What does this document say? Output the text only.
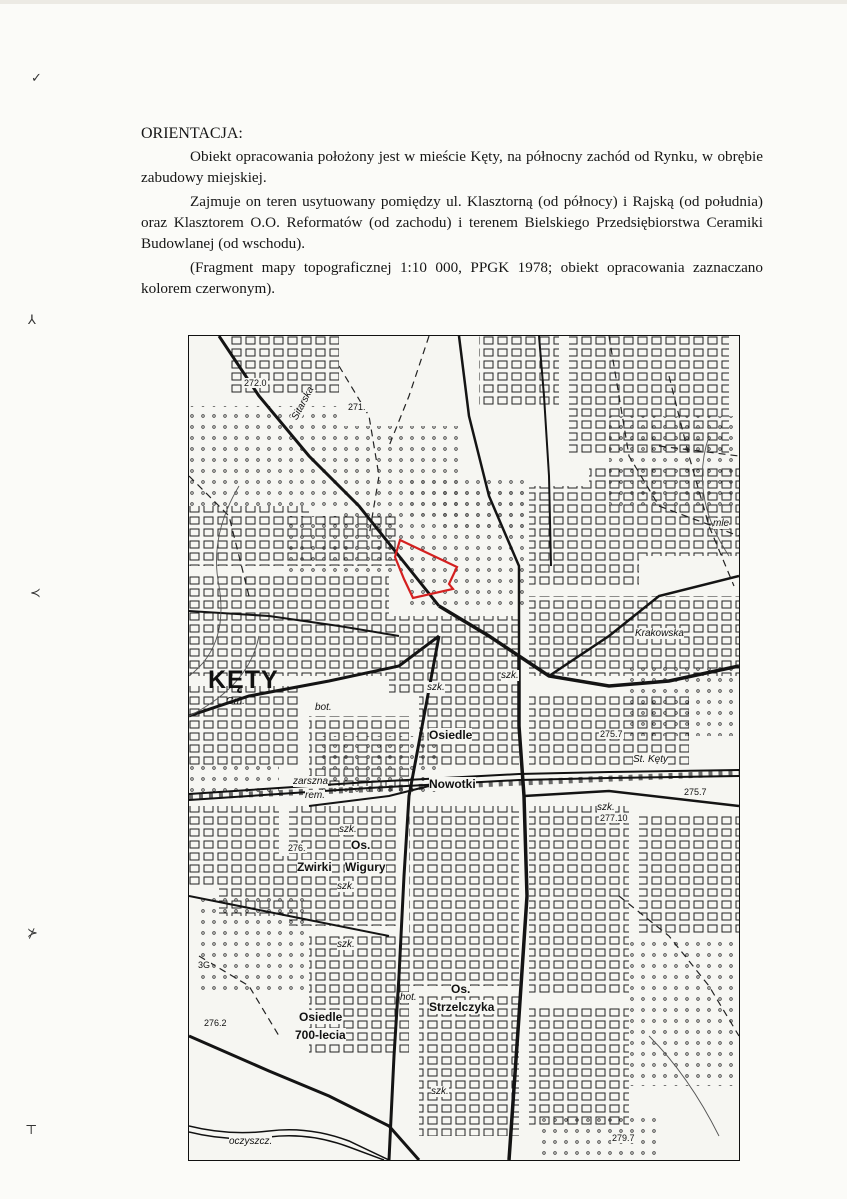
✓
⅄
≺
⊁
⊤
ORIENTACJA:

Obiekt opracowania położony jest w mieście Kęty, na północny zachód od Rynku, w obrębie zabudowy miejskiej.

Zajmuje on teren usytuowany pomiędzy ul. Klasztorną (od północy) i Rajską (od południa) oraz Klasztorem O.O. Reformatów (od zachodu) i terenem Bielskiego Przedsiębiorstwa Ceramiki Budowlanej (od wschodu).

(Fragment mapy topograficznej 1:10 000, PPGK 1978; obiekt opracowania zaznaczano kolorem czerwonym).

KĘTY
Gm.
Osiedle
Nowotki
Os.
Zwirki Wigury
Os.
Strzelczyka
Osiedle
700-lecia
szk.
szk.
szk.
szk.
szk.
szk.
szk.
hot.
bot.
St. Kęty
Krakowska
mle
Sitarska
oczyszcz.
zarszna
rem.
272.0
271.
275.7
275.7
277.10
276.
276.2
279.7
3G
